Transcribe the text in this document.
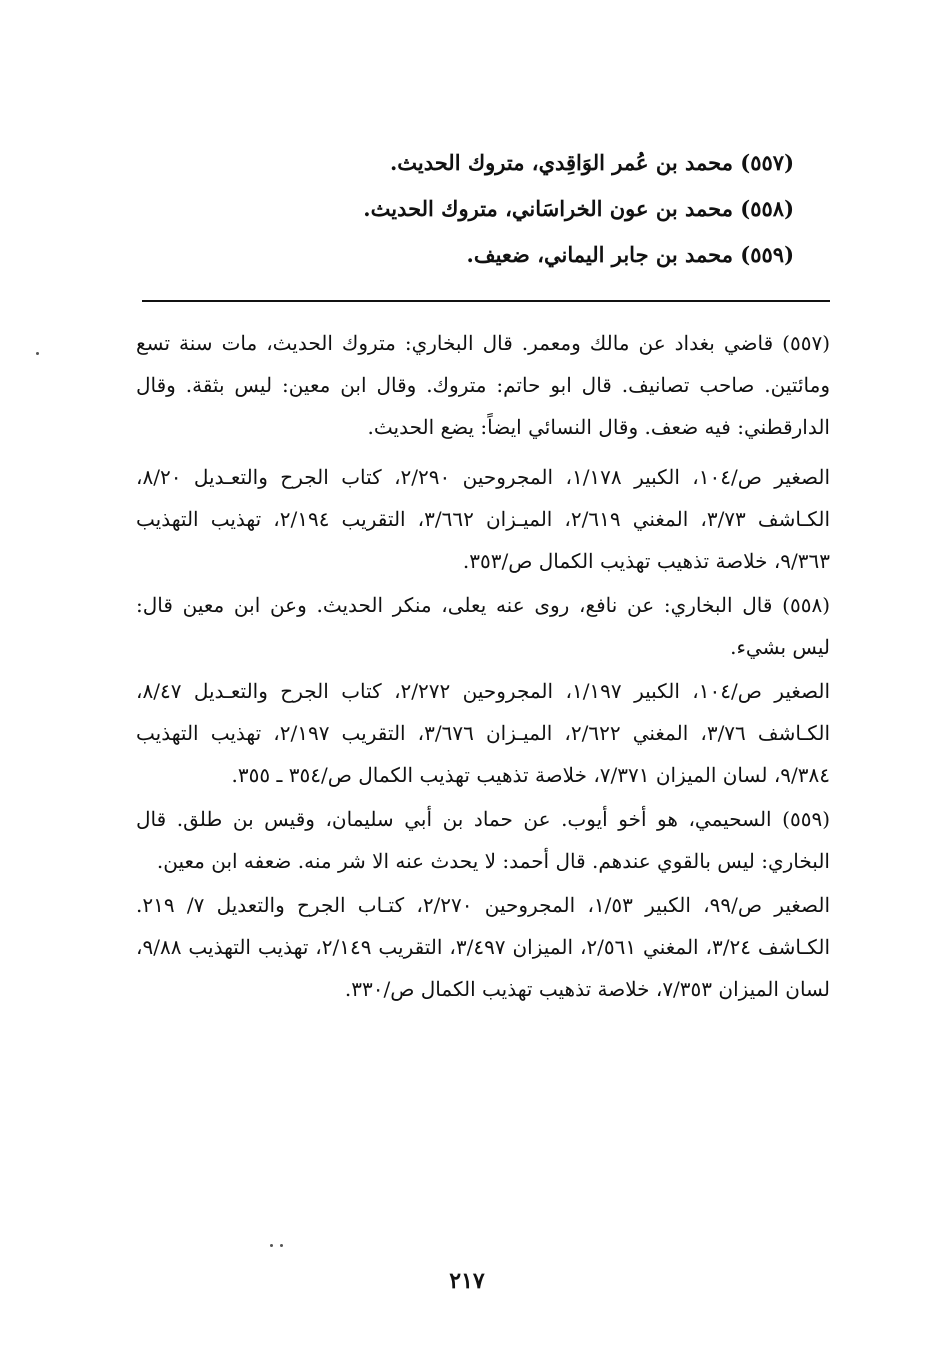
(٥٥٧) محمد بن عُمر الوَاقِدي، متروك الحديث.
(٥٥٨) محمد بن عون الخراسَاني، متروك الحديث.
(٥٥٩) محمد بن جابر اليماني، ضعيف.

(٥٥٧) قاضي بغداد عن مالك ومعمر. قال البخاري: متروك الحديث، مات سنة تسع ومائتين. صاحب تصانيف. قال ابو حاتم: متروك. وقال ابن معين: ليس بثقة. وقال الدارقطني: فيه ضعف. وقال النسائي ايضاً: يضع الحديث.

الصغير ص/١٠٤، الكبير ١/١٧٨، المجروحين ٢/٢٩٠، كتاب الجرح والتعـديل ٨/٢٠، الكـاشف ٣/٧٣، المغني ٢/٦١٩، الميـزان ٣/٦٦٢، التقريب ٢/١٩٤، تهذيب التهذيب ٩/٣٦٣، خلاصة تذهيب تهذيب الكمال ص/٣٥٣.

(٥٥٨) قال البخاري: عن نافع، روى عنه يعلى، منكر الحديث. وعن ابن معين قال: ليس بشيء.

الصغير ص/١٠٤، الكبير ١/١٩٧، المجروحين ٢/٢٧٢، كتاب الجرح والتعـديل ٨/٤٧، الكـاشف ٣/٧٦، المغني ٢/٦٢٢، الميـزان ٣/٦٧٦، التقريب ٢/١٩٧، تهذيب التهذيب ٩/٣٨٤، لسان الميزان ٧/٣٧١، خلاصة تذهيب تهذيب الكمال ص/٣٥٤ ـ ٣٥٥.

(٥٥٩) السحيمي، هو أخو أيوب. عن حماد بن أبي سليمان، وقيس بن طلق. قال البخاري: ليس بالقوي عندهم. قال أحمد: لا يحدث عنه الا شر منه. ضعفه ابن معين.

الصغير ص/٩٩، الكبير ١/٥٣، المجروحين ٢/٢٧٠، كتـاب الجرح والتعديل ٧/ ٢١٩. الكـاشف ٣/٢٤، المغني ٢/٥٦١، الميزان ٣/٤٩٧، التقريب ٢/١٤٩، تهذيب التهذيب ٩/٨٨، لسان الميزان ٧/٣٥٣، خلاصة تذهيب تهذيب الكمال ص/٣٣٠.

٢١٧
